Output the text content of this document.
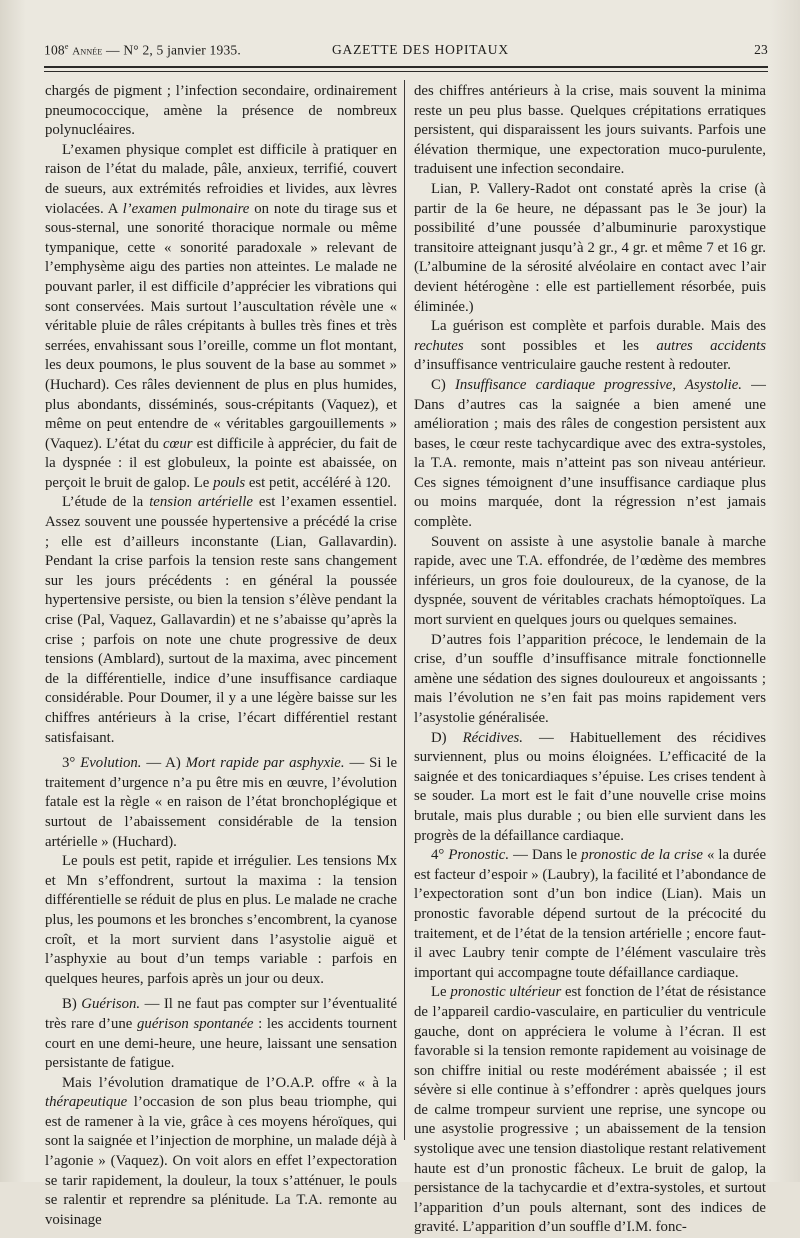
108e Année — N° 2, 5 janvier 1935.	GAZETTE DES HOPITAUX	23

chargés de pigment ; l’infection secondaire, ordinairement pneumococcique, amène la présence de nombreux polynucléaires.

L’examen physique complet est difficile à pratiquer en raison de l’état du malade, pâle, anxieux, terrifié, couvert de sueurs, aux extrémités refroidies et livides, aux lèvres violacées. A l’examen pulmonaire on note du tirage sus et sous-sternal, une sonorité thoracique normale ou même tympanique, cette « sonorité paradoxale » relevant de l’emphysème aigu des parties non atteintes. Le malade ne pouvant parler, il est difficile d’apprécier les vibrations qui sont conservées. Mais surtout l’auscultation révèle une « véritable pluie de râles crépitants à bulles très fines et très serrées, envahissant sous l’oreille, comme un flot montant, les deux poumons, le plus souvent de la base au sommet » (Huchard). Ces râles deviennent de plus en plus humides, plus abondants, disséminés, sous-crépitants (Vaquez), et même on peut entendre de « véritables gargouillements » (Vaquez). L’état du cœur est difficile à apprécier, du fait de la dyspnée : il est globuleux, la pointe est abaissée, on perçoit le bruit de galop. Le pouls est petit, accéléré à 120.

L’étude de la tension artérielle est l’examen essentiel. Assez souvent une poussée hypertensive a précédé la crise ; elle est d’ailleurs inconstante (Lian, Gallavardin). Pendant la crise parfois la tension reste sans changement sur les jours précédents : en général la poussée hypertensive persiste, ou bien la tension s’élève pendant la crise (Pal, Vaquez, Gallavardin) et ne s’abaisse qu’après la crise ; parfois on note une chute progressive de deux tensions (Amblard), surtout de la maxima, avec pincement de la différentielle, indice d’une insuffisance cardiaque considérable. Pour Doumer, il y a une légère baisse sur les chiffres antérieurs à la crise, l’écart différentiel restant satisfaisant.

3° Evolution. — A) Mort rapide par asphyxie. — Si le traitement d’urgence n’a pu être mis en œuvre, l’évolution fatale est la règle « en raison de l’état bronchoplégique et surtout de l’abaissement considérable de la tension artérielle » (Huchard).

Le pouls est petit, rapide et irrégulier. Les tensions Mx et Mn s’effondrent, surtout la maxima : la tension différentielle se réduit de plus en plus. Le malade ne crache plus, les poumons et les bronches s’encombrent, la cyanose croît, et la mort survient dans l’asystolie aiguë et l’asphyxie au bout d’un temps variable : parfois en quelques heures, parfois après un jour ou deux.

B) Guérison. — Il ne faut pas compter sur l’éventualité très rare d’une guérison spontanée : les accidents tournent court en une demi-heure, une heure, laissant une sensation persistante de fatigue.

Mais l’évolution dramatique de l’O.A.P. offre « à la thérapeutique l’occasion de son plus beau triomphe, qui est de ramener à la vie, grâce à ces moyens héroïques, qui sont la saignée et l’injection de morphine, un malade déjà à l’agonie » (Vaquez). On voit alors en effet l’expectoration se tarir rapidement, la douleur, la toux s’atténuer, le pouls se ralentir et reprendre sa plénitude. La T.A. remonte au voisinage

des chiffres antérieurs à la crise, mais souvent la minima reste un peu plus basse. Quelques crépitations erratiques persistent, qui disparaissent les jours suivants. Parfois une élévation thermique, une expectoration muco-purulente, traduisent une infection secondaire.

Lian, P. Vallery-Radot ont constaté après la crise (à partir de la 6e heure, ne dépassant pas le 3e jour) la possibilité d’une poussée d’albuminurie paroxystique transitoire atteignant jusqu’à 2 gr., 4 gr. et même 7 et 16 gr. (L’albumine de la sérosité alvéolaire en contact avec l’air devient hétérogène : elle est partiellement résorbée, puis éliminée.)

La guérison est complète et parfois durable. Mais des rechutes sont possibles et les autres accidents d’insuffisance ventriculaire gauche restent à redouter.

C) Insuffisance cardiaque progressive, Asystolie. — Dans d’autres cas la saignée a bien amené une amélioration ; mais des râles de congestion persistent aux bases, le cœur reste tachycardique avec des extra-systoles, la T.A. remonte, mais n’atteint pas son niveau antérieur. Ces signes témoignent d’une insuffisance cardiaque plus ou moins marquée, dont la régression n’est jamais complète.

Souvent on assiste à une asystolie banale à marche rapide, avec une T.A. effondrée, de l’œdème des membres inférieurs, un gros foie douloureux, de la cyanose, de la dyspnée, souvent de véritables crachats hémoptoïques. La mort survient en quelques jours ou quelques semaines.

D’autres fois l’apparition précoce, le lendemain de la crise, d’un souffle d’insuffisance mitrale fonctionnelle amène une sédation des signes douloureux et angoissants ; mais l’évolution ne s’en fait pas moins rapidement vers l’asystolie généralisée.

D) Récidives. — Habituellement des récidives surviennent, plus ou moins éloignées. L’efficacité de la saignée et des tonicardiaques s’épuise. Les crises tendent à se souder. La mort est le fait d’une nouvelle crise moins brutale, mais plus durable ; ou bien elle survient dans les progrès de la défaillance cardiaque.

4° Pronostic. — Dans le pronostic de la crise « la durée est facteur d’espoir » (Laubry), la facilité et l’abondance de l’expectoration sont d’un bon indice (Lian). Mais un pronostic favorable dépend surtout de la précocité du traitement, et de l’état de la tension artérielle ; encore faut-il avec Laubry tenir compte de l’élément vasculaire très important qui accompagne toute défaillance cardiaque.

Le pronostic ultérieur est fonction de l’état de résistance de l’appareil cardio-vasculaire, en particulier du ventricule gauche, dont on appréciera le volume à l’écran. Il est favorable si la tension remonte rapidement au voisinage de son chiffre initial ou reste modérément abaissée ; il est sévère si elle continue à s’effondrer : après quelques jours de calme trompeur survient une reprise, une syncope ou une asystolie progressive ; un abaissement de la tension systolique avec une tension diastolique restant relativement haute est d’un pronostic fâcheux. Le bruit de galop, la persistance de la tachycardie et d’extra-systoles, et surtout l’apparition d’un pouls alternant, sont des indices de gravité. L’apparition d’un souffle d’I.M. fonc-
